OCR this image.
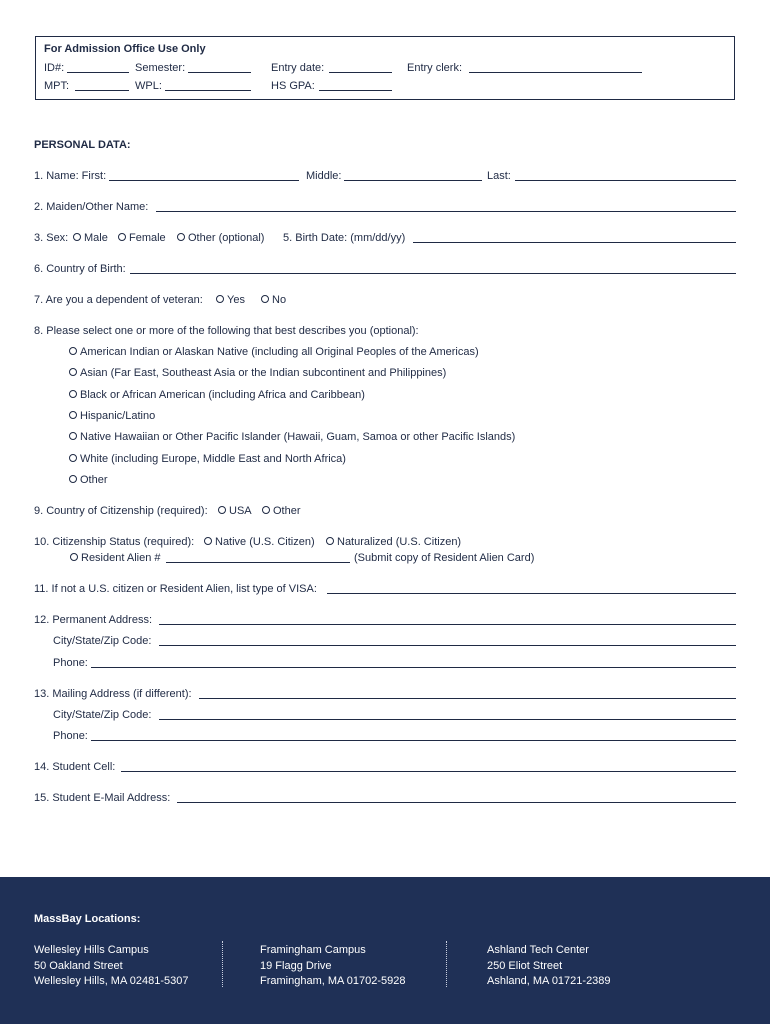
For Admission Office Use Only
ID#:	Semester:	Entry date:	Entry clerk:
MPT:	WPL:	HS GPA:
PERSONAL DATA:
1. Name: First:	Middle:	Last:
2. Maiden/Other Name:
3. Sex:	Male	Female	Other (optional) 5. Birth Date: (mm/dd/yy)
6. Country of Birth:
7. Are you a dependent of veteran:	Yes	No
8. Please select one or more of the following that best describes you (optional):
American Indian or Alaskan Native (including all Original Peoples of the Americas)
Asian (Far East, Southeast Asia or the Indian subcontinent and Philippines)
Black or African American (including Africa and Caribbean)
Hispanic/Latino
Native Hawaiian or Other Pacific Islander (Hawaii, Guam, Samoa or other Pacific Islands)
White (including Europe, Middle East and North Africa)
Other
9. Country of Citizenship (required):	USA	Other
10. Citizenship Status (required):	Native (U.S. Citizen)	Naturalized (U.S. Citizen)
Resident Alien #	(Submit copy of Resident Alien Card)
11. If not a U.S. citizen or Resident Alien, list type of VISA:
12. Permanent Address:
City/State/Zip Code:
Phone:
13. Mailing Address (if different):
City/State/Zip Code:
Phone:
14. Student Cell:
15. Student E-Mail Address:
MassBay Locations:
Wellesley Hills Campus
50 Oakland Street
Wellesley Hills, MA 02481-5307
Framingham Campus
19 Flagg Drive
Framingham, MA 01702-5928
Ashland Tech Center
250 Eliot Street
Ashland, MA 01721-2389
